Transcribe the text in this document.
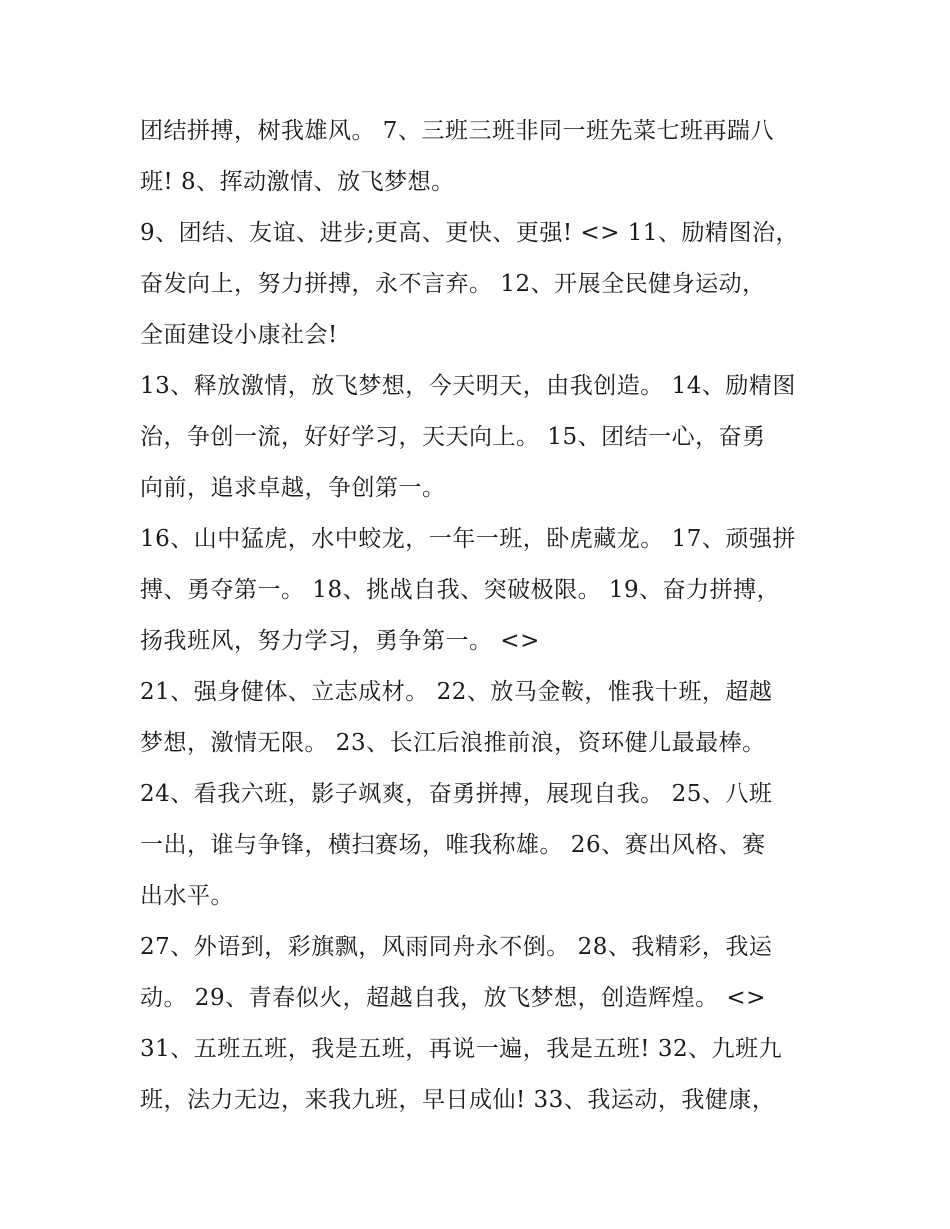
团结拼搏，树我雄风。 7、三班三班非同一班先菜七班再踹八
班! 8、挥动激情、放飞梦想。
9、团结、友谊、进步;更高、更快、更强! <> 11、励精图治，
奋发向上，努力拼搏，永不言弃。 12、开展全民健身运动，
全面建设小康社会!
13、释放激情，放飞梦想，今天明天，由我创造。 14、励精图
治，争创一流，好好学习，天天向上。 15、团结一心，奋勇
向前，追求卓越，争创第一。
16、山中猛虎，水中蛟龙，一年一班，卧虎藏龙。 17、顽强拼
搏、勇夺第一。 18、挑战自我、突破极限。 19、奋力拼搏，
扬我班风，努力学习，勇争第一。 <>
21、强身健体、立志成材。 22、放马金鞍，惟我十班，超越
梦想，激情无限。 23、长江后浪推前浪，资环健儿最最棒。
24、看我六班，影子飒爽，奋勇拼搏，展现自我。 25、八班
一出，谁与争锋，横扫赛场，唯我称雄。 26、赛出风格、赛
出水平。
27、外语到，彩旗飘，风雨同舟永不倒。 28、我精彩，我运
动。 29、青春似火，超越自我，放飞梦想，创造辉煌。 <>
31、五班五班，我是五班，再说一遍，我是五班! 32、九班九
班，法力无边，来我九班，早日成仙! 33、我运动，我健康，
